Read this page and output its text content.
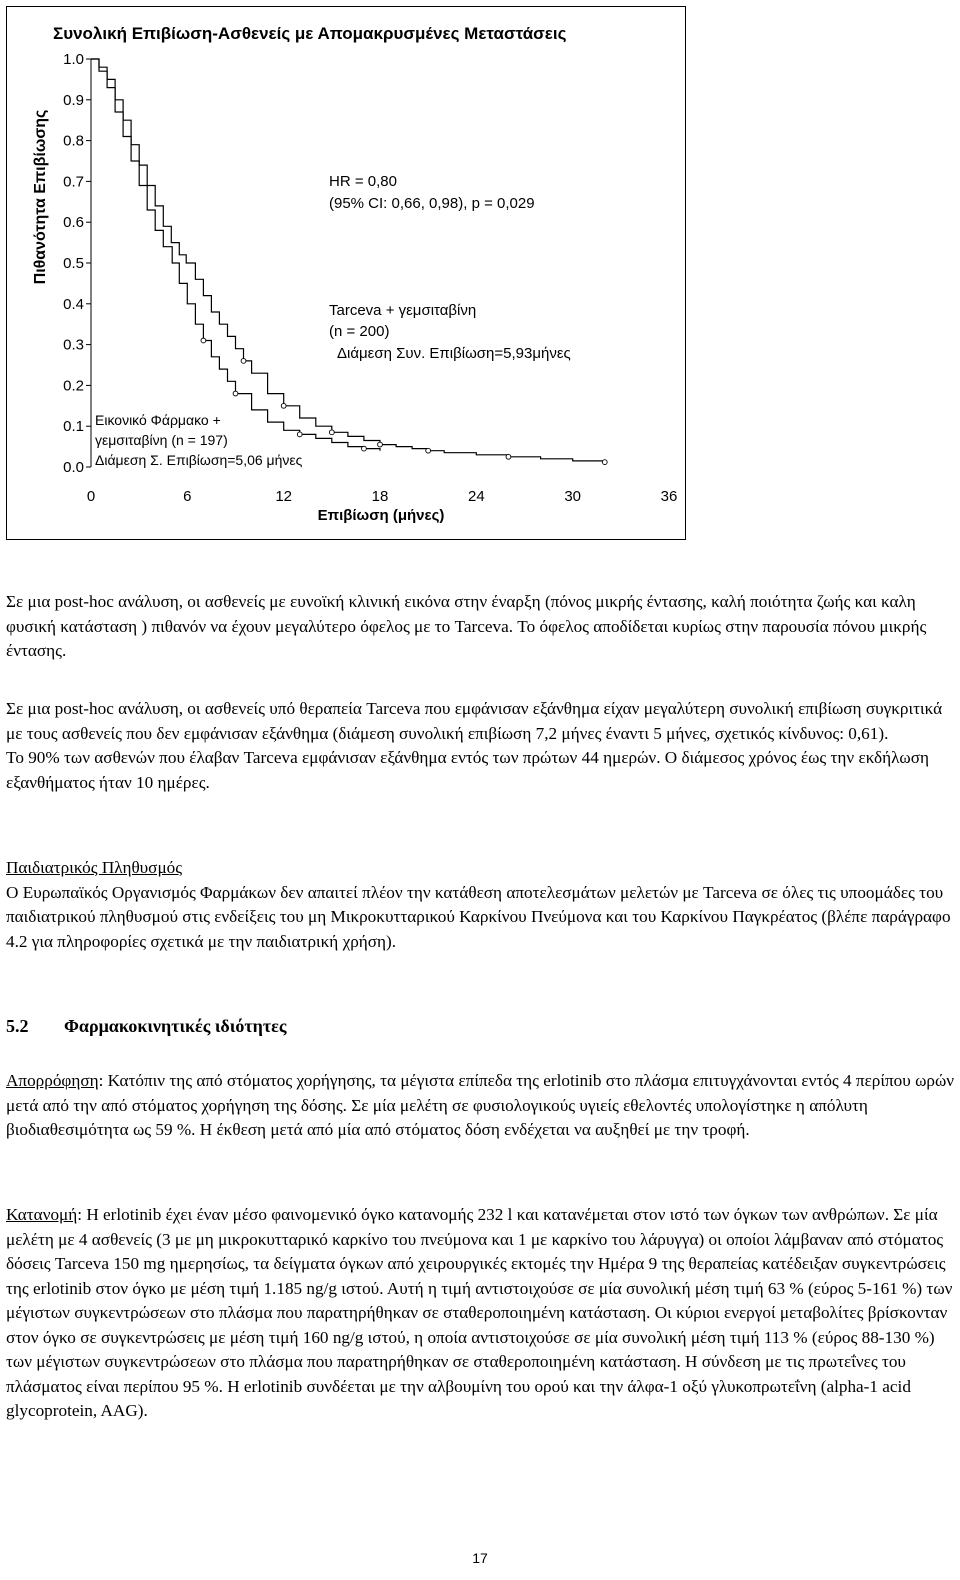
Συνολική Επιβίωση-Ασθενείς με Απομακρυσμένες Μεταστάσεις
Πιθανότητα Επιβίωσης
Επιβίωση (μήνες)
0.0
0.1
0.2
0.3
0.4
0.5
0.6
0.7
0.8
0.9
1.0
0	6	12	18	24	30	36
HR = 0,80
(95% CI: 0,66, 0,98), p = 0,029
Tarceva + γεμσιταβίνη
(n = 200)
Διάμεση Συν. Επιβίωση=5,93μήνες
Εικονικό Φάρμακο +
γεμσιταβίνη (n = 197)
Διάμεση Σ. Επιβίωση=5,06 μήνες

Σε μια post-hoc ανάλυση, οι ασθενείς με ευνοϊκή κλινική εικόνα στην έναρξη (πόνος μικρής έντασης, καλή ποιότητα ζωής και καλη φυσική κατάσταση ) πιθανόν να έχουν μεγαλύτερο όφελος με το Tarceva. Το όφελος αποδίδεται κυρίως στην παρουσία πόνου μικρής έντασης.

Σε μια post-hoc ανάλυση, οι ασθενείς υπό θεραπεία Tarceva που εμφάνισαν εξάνθημα είχαν μεγαλύτερη συνολική επιβίωση συγκριτικά με τους ασθενείς που δεν εμφάνισαν εξάνθημα (διάμεση συνολική επιβίωση 7,2 μήνες έναντι 5 μήνες, σχετικός κίνδυνος: 0,61).

Το 90% των ασθενών που έλαβαν Tarceva εμφάνισαν εξάνθημα εντός των πρώτων 44 ημερών. Ο διάμεσος χρόνος έως την εκδήλωση εξανθήματος ήταν 10 ημέρες.

Παιδιατρικός Πληθυσμός

Ο Ευρωπαϊκός Οργανισμός Φαρμάκων δεν απαιτεί πλέον την κατάθεση αποτελεσμάτων μελετών με Tarceva σε όλες τις υποομάδες του παιδιατρικού πληθυσμού στις ενδείξεις του μη Μικροκυτταρικού Καρκίνου Πνεύμονα και του Καρκίνου Παγκρέατος (βλέπε παράγραφο 4.2 για πληροφορίες σχετικά με την παιδιατρική χρήση).

5.2 Φαρμακοκινητικές ιδιότητες

Απορρόφηση: Κατόπιν της από στόματος χορήγησης, τα μέγιστα επίπεδα της erlotinib στο πλάσμα επιτυγχάνονται εντός 4 περίπου ωρών μετά από την από στόματος χορήγηση της δόσης. Σε μία μελέτη σε φυσιολογικούς υγιείς εθελοντές υπολογίστηκε η απόλυτη βιοδιαθεσιμότητα ως 59 %. Η έκθεση μετά από μία από στόματος δόση ενδέχεται να αυξηθεί με την τροφή.

Κατανομή: Η erlotinib έχει έναν μέσο φαινομενικό όγκο κατανομής 232 l και κατανέμεται στον ιστό των όγκων των ανθρώπων. Σε μία μελέτη με 4 ασθενείς (3 με μη μικροκυτταρικό καρκίνο του πνεύμονα και 1 με καρκίνο του λάρυγγα) οι οποίοι λάμβαναν από στόματος δόσεις Tarceva 150 mg ημερησίως, τα δείγματα όγκων από χειρουργικές εκτομές την Ημέρα 9 της θεραπείας κατέδειξαν συγκεντρώσεις της erlotinib στον όγκο με μέση τιμή 1.185 ng/g ιστού. Αυτή η τιμή αντιστοιχούσε σε μία συνολική μέση τιμή 63 % (εύρος 5-161 %) των μέγιστων συγκεντρώσεων στο πλάσμα που παρατηρήθηκαν σε σταθεροποιημένη κατάσταση. Οι κύριοι ενεργοί μεταβολίτες βρίσκονταν στον όγκο σε συγκεντρώσεις με μέση τιμή 160 ng/g ιστού, η οποία αντιστοιχούσε σε μία συνολική μέση τιμή 113 % (εύρος 88-130 %) των μέγιστων συγκεντρώσεων στο πλάσμα που παρατηρήθηκαν σε σταθεροποιημένη κατάσταση. Η σύνδεση με τις πρωτεΐνες του πλάσματος είναι περίπου 95 %. Η erlotinib συνδέεται με την αλβουμίνη του ορού και την άλφα-1 οξύ γλυκοπρωτεΐνη (alpha-1 acid glycoprotein, AAG).

17
